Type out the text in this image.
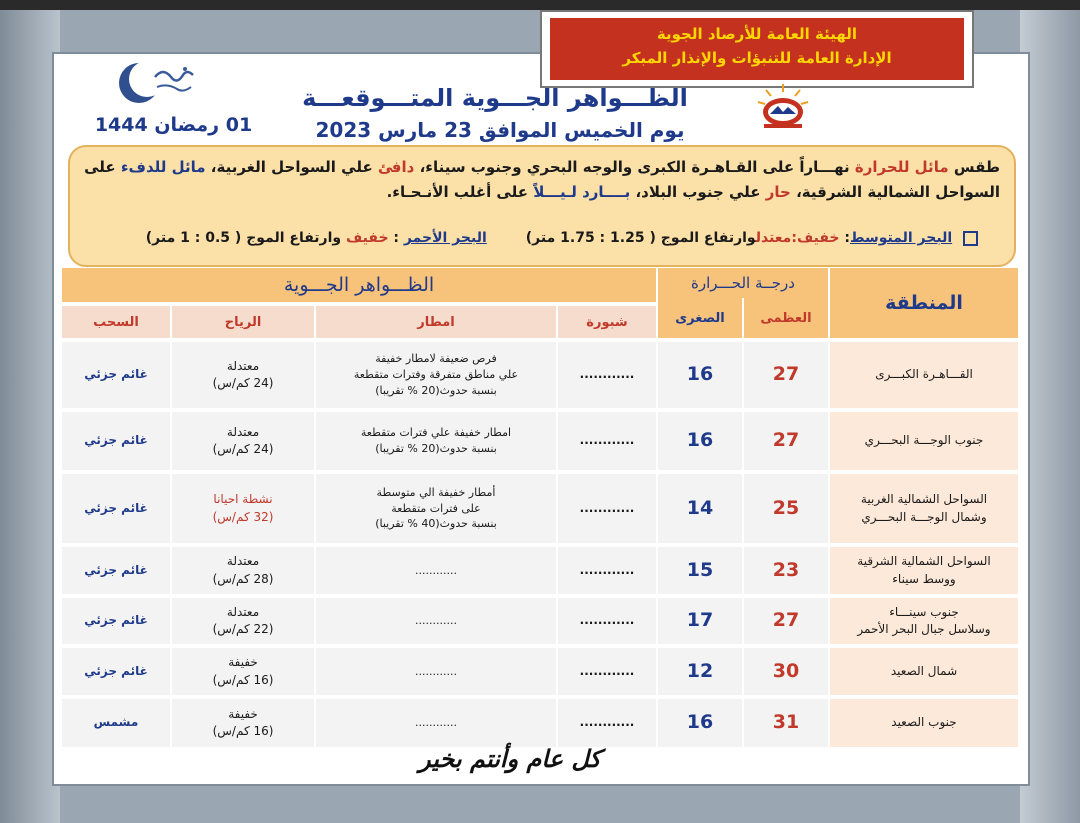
الهيئة العامة للأرصاد الجوية
الإدارة العامة للتنبؤات والإنذار المبكر
01 رمضان 1444
الظـــواهر الجـــوية المتـــوقعـــة
يوم الخميس الموافق 23 مارس 2023
طقس مائل للحرارة نهـــاراً على القـاهـرة الكبرى والوجه البحري وجنوب سيناء، دافئ علي السواحل الغربية، مائل للدفء على السواحل الشمالية الشرقية، حار علي جنوب البلاد، بــــارد لـيـــلاً على أغلب الأنـحـاء.
البحر المتوسط: خفيف:معتدلوارتفاع الموج ( 1.25 : 1.75 متر)        البحر الأحمر : خفيف وارتفاع الموج ( 0.5 : 1 متر)
المنطقة
درجــة الحـــرارة
العظمى
الصغرى
الظـــواهر الجـــوية
شبورة
امطار
الرياح
السحب
القـــاهـرة الكبـــرى
27
16
............
فرص ضعيفة لامطار خفيفة
علي مناطق متفرقة وفترات متقطعة
بنسبة حدوث(20 % تقريبا)
معتدلة
(24 كم/س)
غائم جزئي
جنوب الوجـــة البحـــري
27
16
............
امطار خفيفة علي فترات متقطعة
بنسبة حدوث(20 % تقريبا)
معتدلة
(24 كم/س)
غائم جزئي
السواحل الشمالية الغربية
وشمال الوجـــة البحـــري
25
14
............
أمطار خفيفة الي متوسطة
على فترات متقطعة
بنسبة حدوث(40 % تقريبا)
نشطة احيانا
(32 كم/س)
غائم جزئي
السواحل الشمالية الشرقية
ووسط سيناء
23
15
............
............
معتدلة
(28 كم/س)
غائم جزئي
جنوب سينـــاء
وسلاسل جبال البحر الأحمر
27
17
............
............
معتدلة
(22 كم/س)
غائم جزئي
شمال الصعيد
30
12
............
............
خفيفة
(16 كم/س)
غائم جزئي
جنوب الصعيد
31
16
............
............
خفيفة
(16 كم/س)
مشمس
كل عام وأنتم بخير
